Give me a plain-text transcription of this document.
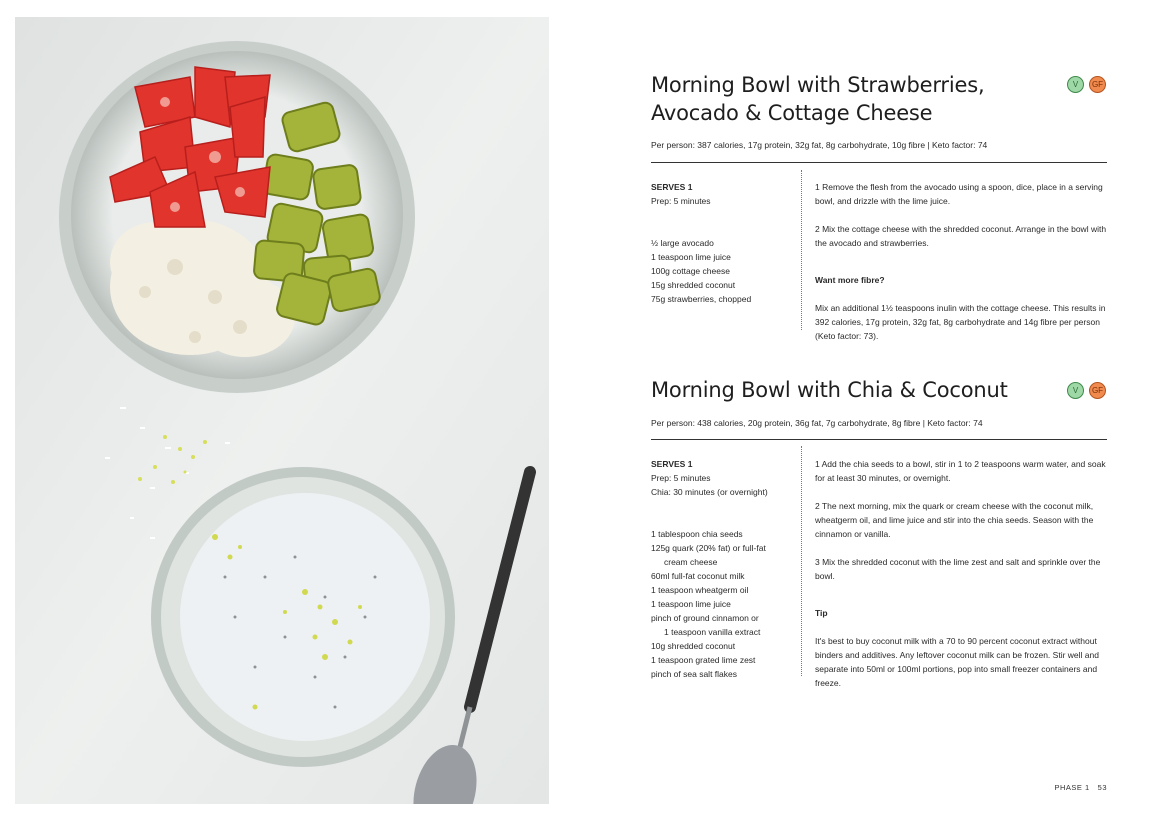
Morning Bowl with Strawberries,
Avocado & Cottage Cheese
V	GF
Per person: 387 calories, 17g protein, 32g fat, 8g carbohydrate, 10g fibre | Keto factor: 74
SERVES 1
Prep: 5 minutes

½ large avocado

1 teaspoon lime juice

100g cottage cheese

15g shredded coconut

75g strawberries, chopped

1 Remove the flesh from the avocado using a spoon, dice, place in a serving bowl, and drizzle with the lime juice.

2 Mix the cottage cheese with the shredded coconut. Arrange in the bowl with the avocado and strawberries.

Want more fibre?

Mix an additional 1½ teaspoons inulin with the cottage cheese. This results in 392 calories, 17g protein, 32g fat, 8g carbohydrate and 14g fibre per person (Keto factor: 73).

Morning Bowl with Chia & Coconut	V	GF
Per person: 438 calories, 20g protein, 36g fat, 7g carbohydrate, 8g fibre | Keto factor: 74
SERVES 1
Prep: 5 minutes
Chia: 30 minutes (or overnight)

1 tablespoon chia seeds

125g quark (20% fat) or full-fat

cream cheese

60ml full-fat coconut milk

1 teaspoon wheatgerm oil

1 teaspoon lime juice

pinch of ground cinnamon or

1 teaspoon vanilla extract

10g shredded coconut

1 teaspoon grated lime zest

pinch of sea salt flakes

1 Add the chia seeds to a bowl, stir in 1 to 2 teaspoons warm water, and soak for at least 30 minutes, or overnight.

2 The next morning, mix the quark or cream cheese with the coconut milk, wheatgerm oil, and lime juice and stir into the chia seeds. Season with the cinnamon or vanilla.

3 Mix the shredded coconut with the lime zest and salt and sprinkle over the bowl.

Tip

It's best to buy coconut milk with a 70 to 90 percent coconut extract without binders and additives. Any leftover coconut milk can be frozen. Stir well and separate into 50ml or 100ml portions, pop into small freezer containers and freeze.

PHASE 1 53
